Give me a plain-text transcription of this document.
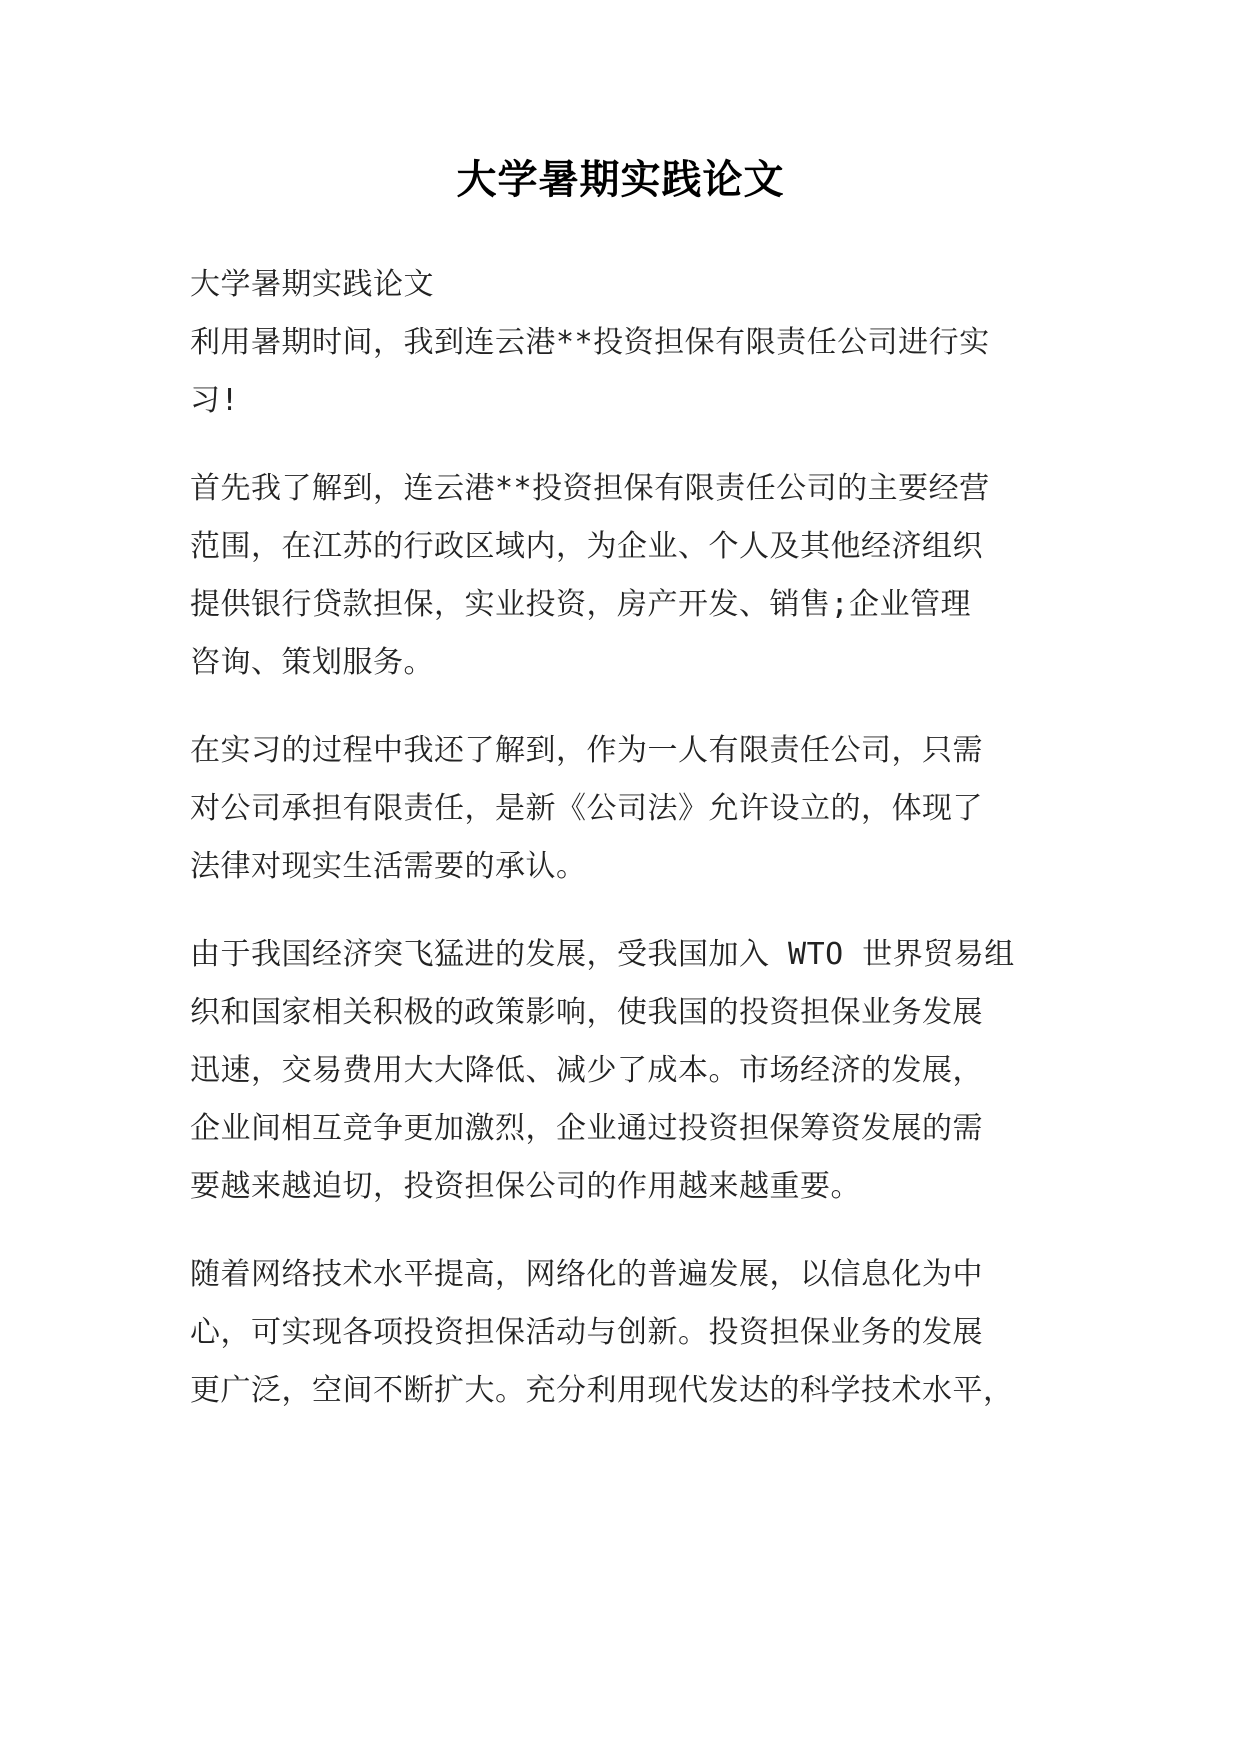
大学暑期实践论文
大学暑期实践论文
利用暑期时间，我到连云港**投资担保有限责任公司进行实
习!
首先我了解到，连云港**投资担保有限责任公司的主要经营
范围，在江苏的行政区域内，为企业、个人及其他经济组织
提供银行贷款担保，实业投资，房产开发、销售;企业管理
咨询、策划服务。
在实习的过程中我还了解到，作为一人有限责任公司，只需
对公司承担有限责任，是新《公司法》允许设立的，体现了
法律对现实生活需要的承认。
由于我国经济突飞猛进的发展，受我国加入 WTO 世界贸易组
织和国家相关积极的政策影响，使我国的投资担保业务发展
迅速，交易费用大大降低、减少了成本。市场经济的发展，
企业间相互竞争更加激烈，企业通过投资担保筹资发展的需
要越来越迫切，投资担保公司的作用越来越重要。
随着网络技术水平提高，网络化的普遍发展，以信息化为中
心，可实现各项投资担保活动与创新。投资担保业务的发展
更广泛，空间不断扩大。充分利用现代发达的科学技术水平，
